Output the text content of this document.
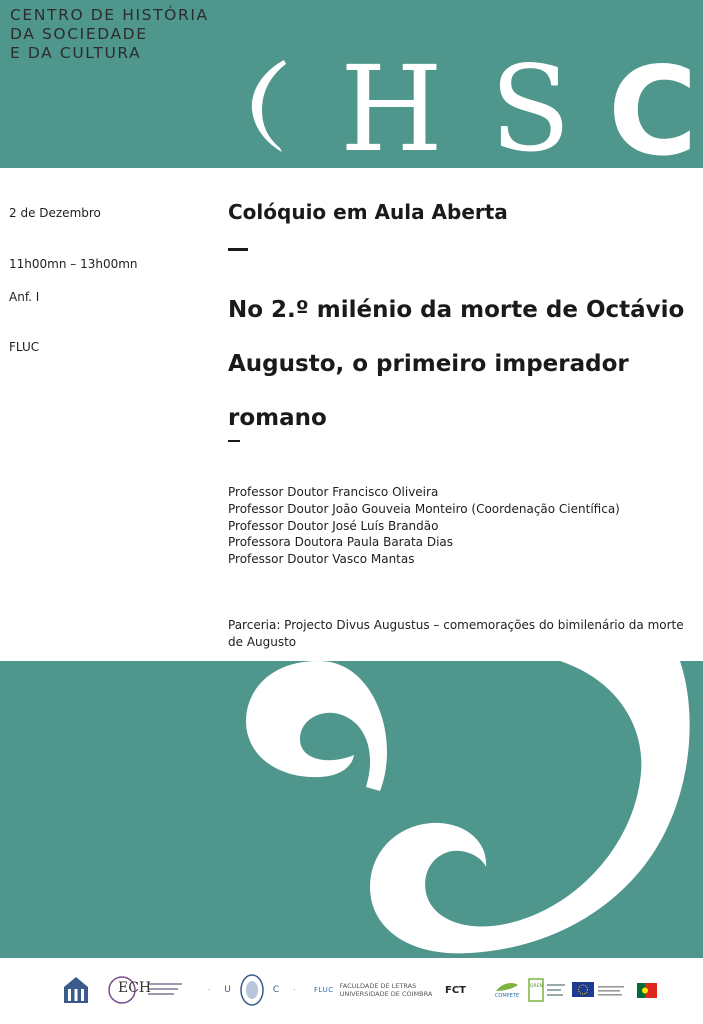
CENTRO DE HISTÓRIA
DA SOCIEDADE
E DA CULTURA	H S C
2 de Dezembro
11h00mn – 13h00mn
Anf. I
FLUC
Colóquio em Aula Aberta
No 2.º milénio da morte de Octávio
Augusto, o primeiro imperador
romano
Professor Doutor Francisco Oliveira
Professor Doutor João Gouveia Monteiro (Coordenação Científica)
Professor Doutor José Luís Brandão
Professora Doutora Paula Barata Dias
Professor Doutor Vasco Mantas
Parceria: Projecto Divus Augustus – comemorações do bimilenário da morte de Augusto
ECH	· U	C ·	FLUC FACULDADE DE LETRAS
UNIVERSIDADE DE COIMBRA FCT
COMPETE
QREN
